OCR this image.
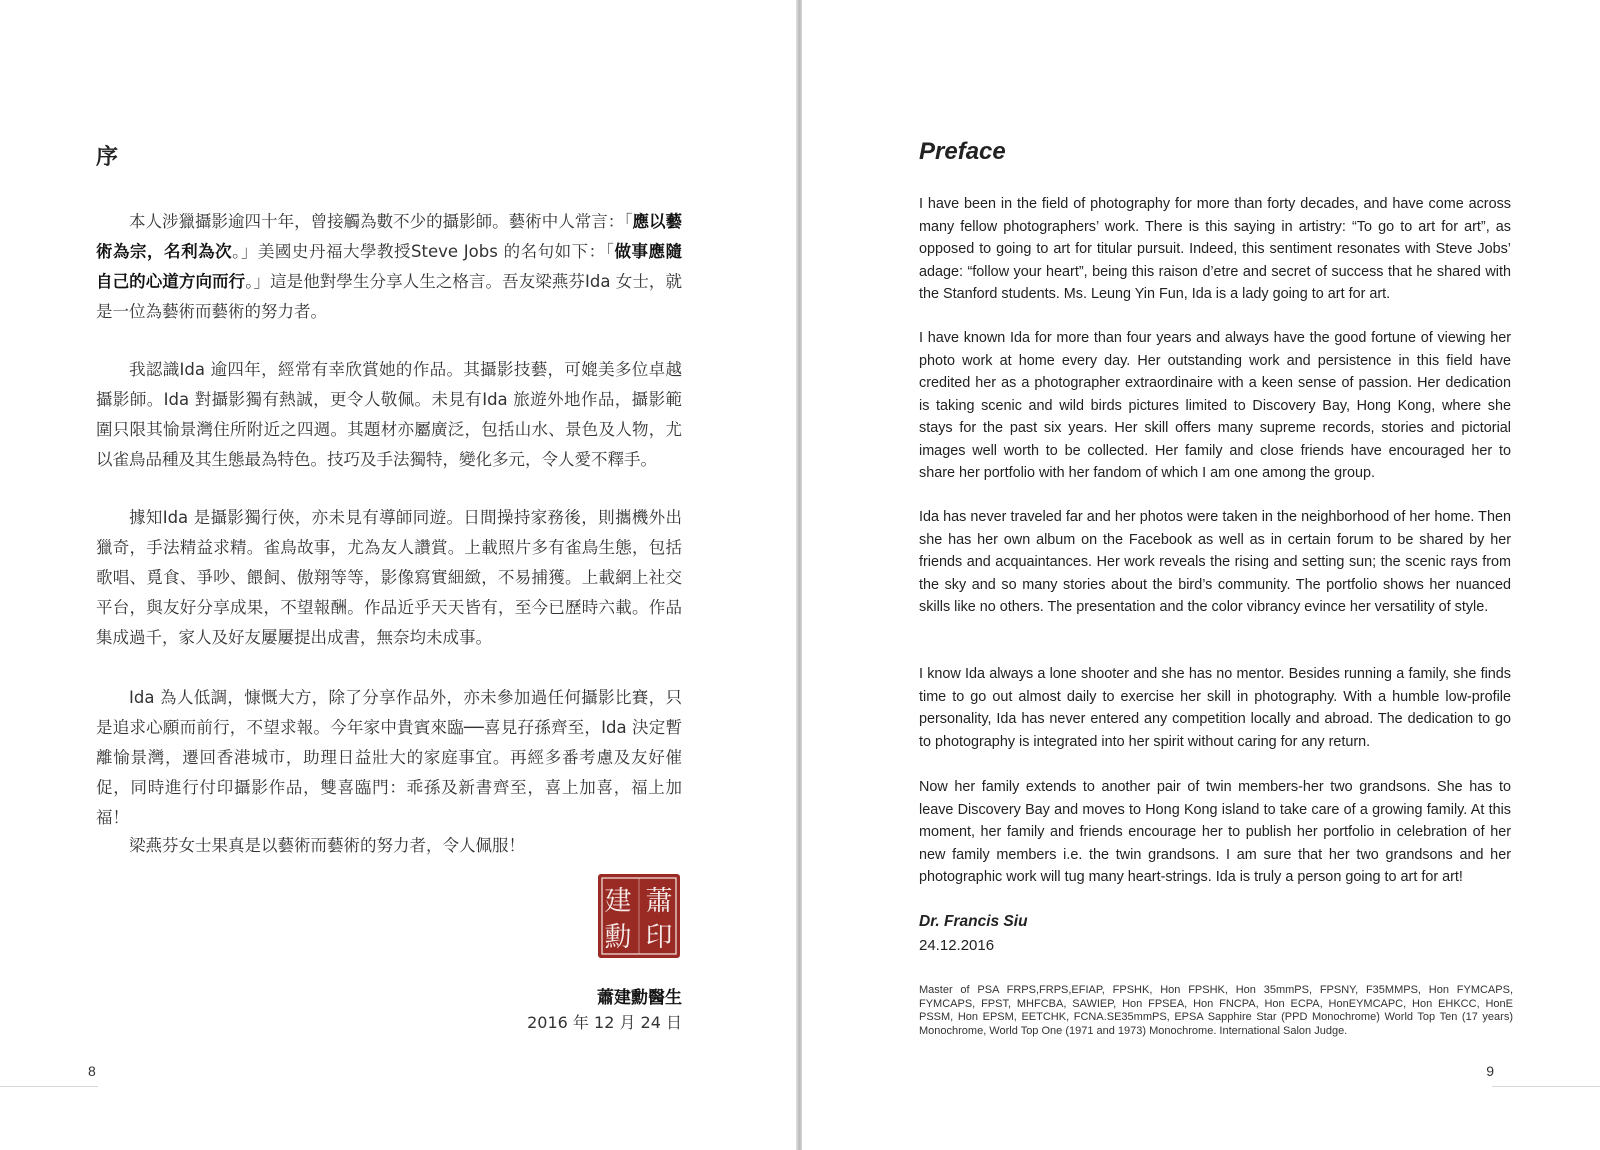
序

本人涉獵攝影逾四十年，曾接觸為數不少的攝影師。藝術中人常言：「應以藝術為宗，名利為次。」美國史丹福大學教授Steve Jobs 的名句如下：「做事應隨自己的心道方向而行。」這是他對學生分享人生之格言。吾友梁燕芬Ida 女士，就是一位為藝術而藝術的努力者。

我認識Ida 逾四年，經常有幸欣賞她的作品。其攝影技藝，可媲美多位卓越攝影師。Ida 對攝影獨有熱誠，更令人敬佩。未見有Ida 旅遊外地作品，攝影範圍只限其愉景灣住所附近之四週。其題材亦屬廣泛，包括山水、景色及人物，尤以雀鳥品種及其生態最為特色。技巧及手法獨特，變化多元，令人愛不釋手。

據知Ida 是攝影獨行俠，亦未見有導師同遊。日間操持家務後，則攜機外出獵奇，手法精益求精。雀鳥故事，尤為友人讚賞。上載照片多有雀鳥生態，包括歌唱、覓食、爭吵、餵飼、傲翔等等，影像寫實細緻，不易捕獲。上載網上社交平台，與友好分享成果，不望報酬。作品近乎天天皆有，至今已歷時六載。作品集成過千，家人及好友屢屢提出成書，無奈均未成事。

Ida 為人低調，慷慨大方，除了分享作品外，亦未參加過任何攝影比賽，只是追求心願而前行，不望求報。今年家中貴賓來臨──喜見孖孫齊至，Ida 決定暫離愉景灣，遷回香港城市，助理日益壯大的家庭事宜。再經多番考慮及友好催促，同時進行付印攝影作品，雙喜臨門：乖孫及新書齊至，喜上加喜，福上加福！

梁燕芬女士果真是以藝術而藝術的努力者，令人佩服！

建 蕭
勳 印

蕭建勳醫生

2016 年 12 月 24 日

8
Preface

I have been in the field of photography for more than forty decades, and have come across many fellow photographers’ work. There is this saying in artistry: “To go to art for art”, as opposed to going to art for titular pursuit. Indeed, this sentiment resonates with Steve Jobs’ adage: “follow your heart”, being this raison d’etre and secret of success that he shared with the Stanford students. Ms. Leung Yin Fun, Ida is a lady going to art for art.

I have known Ida for more than four years and always have the good fortune of viewing her photo work at home every day. Her outstanding work and persistence in this field have credited her as a photographer extraordinaire with a keen sense of passion. Her dedication is taking scenic and wild birds pictures limited to Discovery Bay, Hong Kong, where she stays for the past six years. Her skill offers many supreme records, stories and pictorial images well worth to be collected. Her family and close friends have encouraged her to share her portfolio with her fandom of which I am one among the group.

Ida has never traveled far and her photos were taken in the neighborhood of her home. Then she has her own album on the Facebook as well as in certain forum to be shared by her friends and acquaintances. Her work reveals the rising and setting sun; the scenic rays from the sky and so many stories about the bird’s community. The portfolio shows her nuanced skills like no others. The presentation and the color vibrancy evince her versatility of style.

I know Ida always a lone shooter and she has no mentor. Besides running a family, she finds time to go out almost daily to exercise her skill in photography. With a humble low-profile personality, Ida has never entered any competition locally and abroad. The dedication to go to photography is integrated into her spirit without caring for any return.

Now her family extends to another pair of twin members-her two grandsons. She has to leave Discovery Bay and moves to Hong Kong island to take care of a growing family. At this moment, her family and friends encourage her to publish her portfolio in celebration of her new family members i.e. the twin grandsons. I am sure that her two grandsons and her photographic work will tug many heart-strings. Ida is truly a person going to art for art!

Dr. Francis Siu

24.12.2016

Master of PSA FRPS,FRPS,EFIAP, FPSHK, Hon FPSHK, Hon 35mmPS, FPSNY, F35MMPS, Hon FYMCAPS, FYMCAPS, FPST, MHFCBA, SAWIEP, Hon FPSEA, Hon FNCPA, Hon ECPA, HonEYMCAPC, Hon EHKCC, HonE PSSM, Hon EPSM, EETCHK, FCNA.SE35mmPS, EPSA Sapphire Star (PPD Monochrome) World Top Ten (17 years) Monochrome, World Top One (1971 and 1973) Monochrome. International Salon Judge.

9
